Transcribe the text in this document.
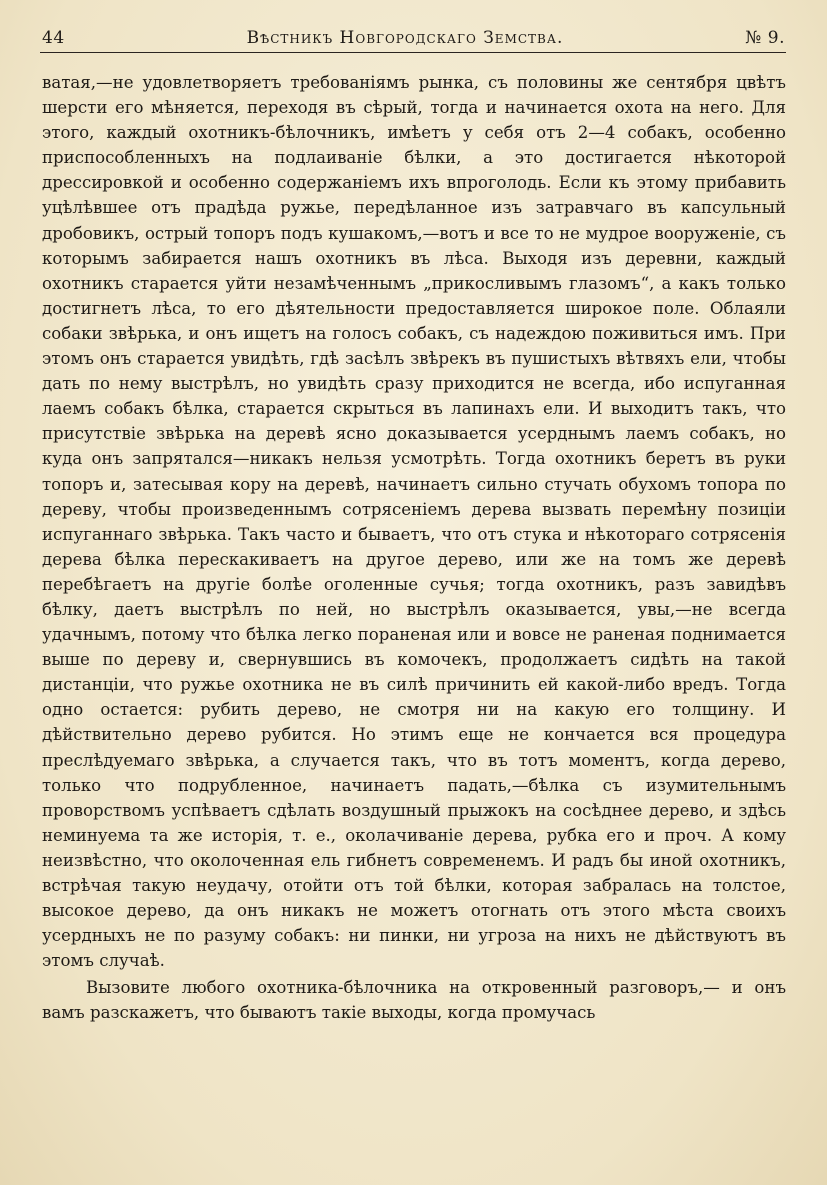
44	Вѣстникъ Новгородскаго Земства.	№ 9.

ватая,—не удовлетворяетъ требованiямъ рынка, съ половины же сентября цвѣтъ шерсти его мѣняется, переходя въ сѣрый, тогда и начинается охота на него. Для этого, каждый охотникъ-бѣлочникъ, имѣетъ у себя отъ 2—4 собакъ, особенно приспособленныхъ на подлаиванiе бѣлки, а это достигается нѣкоторой дрессировкой и особенно содержанiемъ ихъ впроголодь. Если къ этому прибавить уцѣлѣвшее отъ прадѣда ружье, передѣланное изъ затравчаго въ капсульный дробовикъ, острый топоръ подъ кушакомъ,—вотъ и все то не мудрое вооруженiе, съ которымъ забирается нашъ охотникъ въ лѣса. Выходя изъ деревни, каждый охотникъ старается уйти незамѣченнымъ „прикосливымъ глазомъ“, а какъ только достигнетъ лѣса, то его дѣятельности предоставляется широкое поле. Облаяли собаки звѣрька, и онъ ищетъ на голосъ собакъ, съ надеждою поживиться имъ. При этомъ онъ старается увидѣть, гдѣ засѣлъ звѣрекъ въ пушистыхъ вѣтвяхъ ели, чтобы дать по нему выстрѣлъ, но увидѣть сразу приходится не всегда, ибо испуганная лаемъ собакъ бѣлка, старается скрыться въ лапинахъ ели. И выходитъ такъ, что присутствiе звѣрька на деревѣ ясно доказывается усерднымъ лаемъ собакъ, но куда онъ запрятался—никакъ нельзя усмотрѣть. Тогда охотникъ беретъ въ руки топоръ и, затесывая кору на деревѣ, начинаетъ сильно стучать обухомъ топора по дереву, чтобы произведеннымъ сотрясенiемъ дерева вызвать перемѣну позицiи испуганнаго звѣрька. Такъ часто и бываетъ, что отъ стука и нѣкотораго сотрясенiя дерева бѣлка перескакиваетъ на другое дерево, или же на томъ же деревѣ перебѣгаетъ на другiе болѣе оголенные сучья; тогда охотникъ, разъ завидѣвъ бѣлку, даетъ выстрѣлъ по ней, но выстрѣлъ оказывается, увы,—не всегда удачнымъ, потому что бѣлка легко пораненая или и вовсе не раненая поднимается выше по дереву и, свернувшись въ комочекъ, продолжаетъ сидѣть на такой дистанцiи, что ружье охотника не въ силѣ причинить ей какой-либо вредъ. Тогда одно остается: рубить дерево, не смотря ни на какую его толщину. И дѣйствительно дерево рубится. Но этимъ еще не кончается вся процедура преслѣдуемаго звѣрька, а случается такъ, что въ тотъ моментъ, когда дерево, только что подрубленное, начинаетъ падать,—бѣлка съ изумительнымъ проворствомъ успѣваетъ сдѣлать воздушный прыжокъ на сосѣднее дерево, и здѣсь неминуема та же исторiя, т. е., околачиванiе дерева, рубка его и проч. А кому неизвѣстно, что околоченная ель гибнетъ современемъ. И радъ бы иной охотникъ, встрѣчая такую неудачу, отойти отъ той бѣлки, которая забралась на толстое, высокое дерево, да онъ никакъ не можетъ отогнать отъ этого мѣста своихъ усердныхъ не по разуму собакъ: ни пинки, ни угроза на нихъ не дѣйствуютъ въ этомъ случаѣ.

Вызовите любого охотника-бѣлочника на откровенный разговоръ,— и онъ вамъ разскажетъ, что бываютъ такiе выходы, когда промучась
